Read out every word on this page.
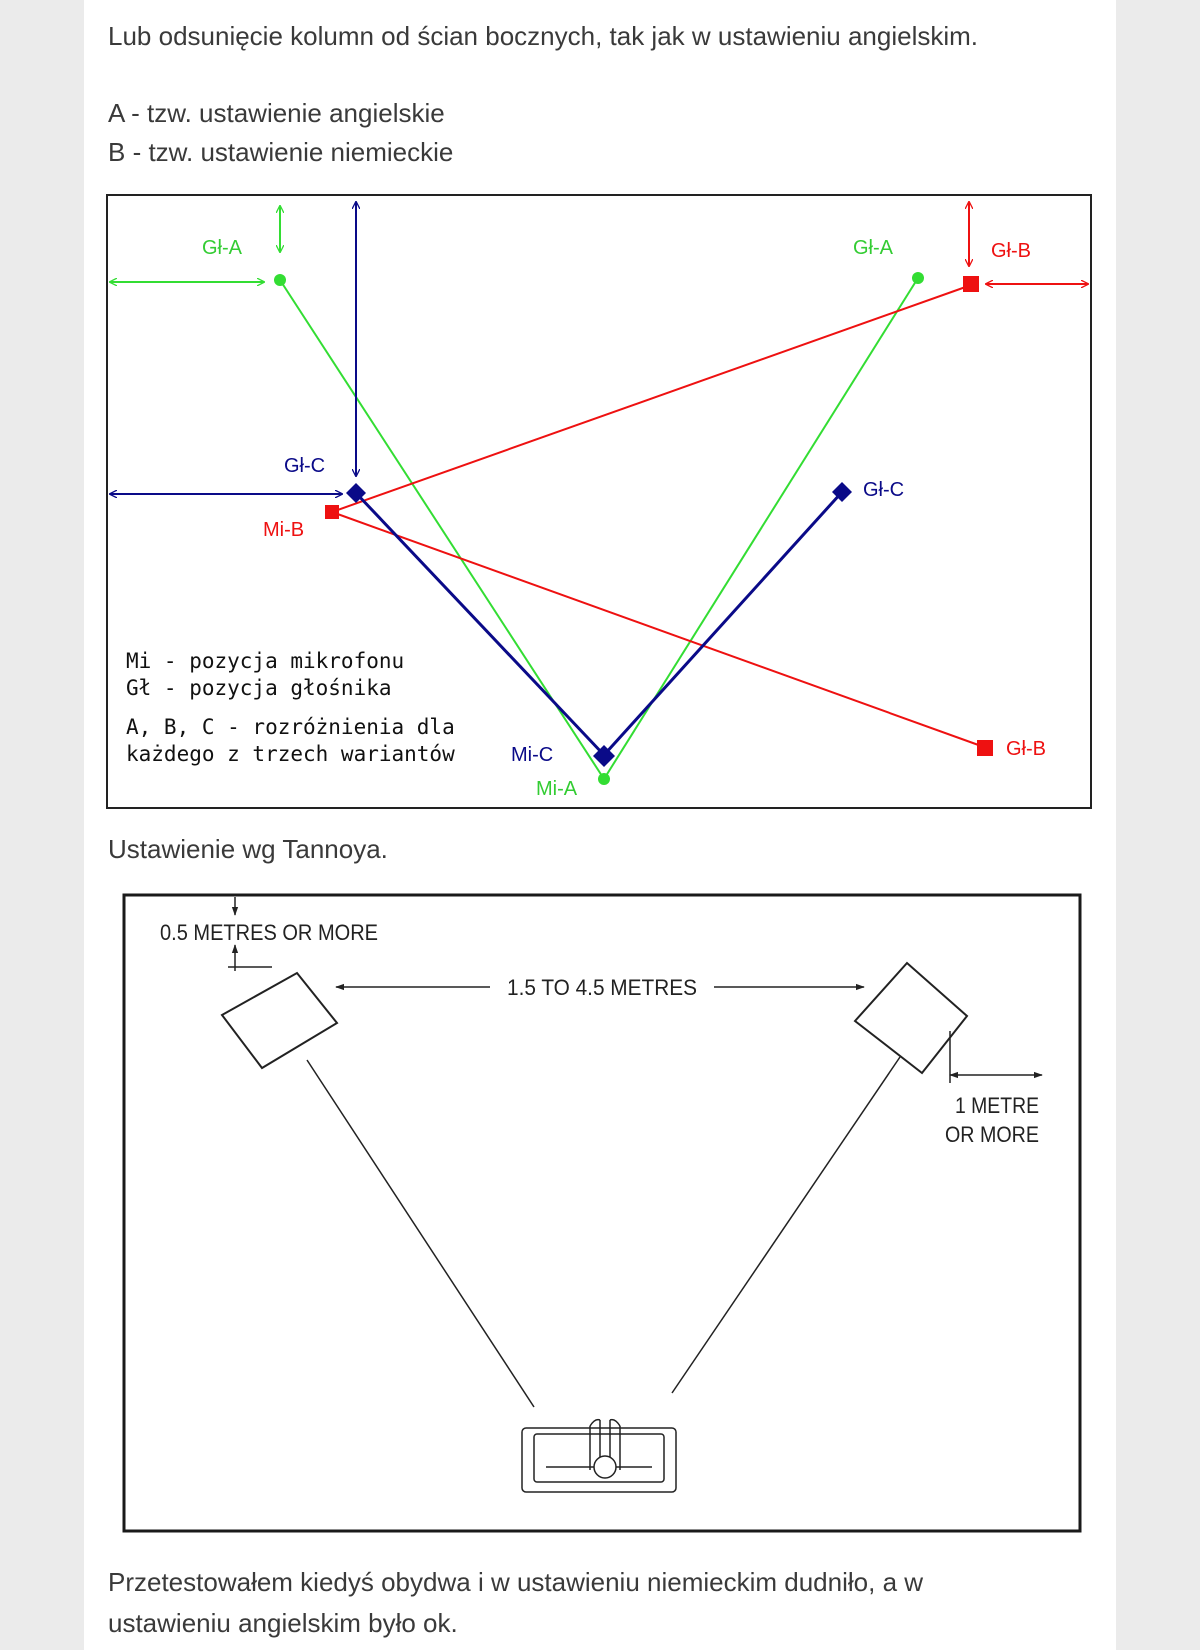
Lub odsunięcie kolumn od ścian bocznych, tak jak w ustawieniu angielskim.

A - tzw. ustawienie angielskie

B - tzw. ustawienie niemieckie

Gł-A	Gł-A	Gł-B
Gł-B
Gł-C
Gł-C
Mi-B
Mi-C
Mi-A
Mi - pozycja mikrofonu
Gł - pozycja głośnika
A, B, C - rozróżnienia dla
każdego z trzech wariantów

Ustawienie wg Tannoya.

0.5 METRES OR MORE
1.5 TO 4.5 METRES
1 METRE
OR MORE

Przetestowałem kiedyś obydwa i w ustawieniu niemieckim dudniło, a w

ustawieniu angielskim było ok.
